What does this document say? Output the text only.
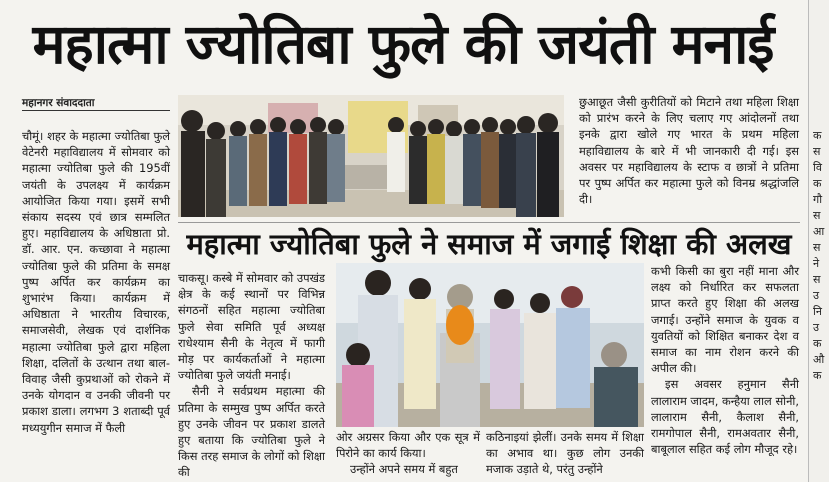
महात्मा ज्योतिबा फुले की जयंती मनाई
महानगर संवाददाता

चौमूं। शहर के महात्मा ज्योतिबा फुले वेटेनरी महाविद्यालय में सोमवार को महात्मा ज्योतिबा फुले की 195वीं जयंती के उपलक्ष्य में कार्यक्रम आयोजित किया गया। इसमें सभी संकाय सदस्य एवं छात्र सम्मलित हुए। महाविद्यालय के अधिष्ठाता प्रो. डॉ. आर. एन. कच्छावा ने महात्मा ज्योतिबा फुले की प्रतिमा के समक्ष पुष्प अर्पित कर कार्यक्रम का शुभारंभ किया। कार्यक्रम में अधिष्ठाता ने भारतीय विचारक, समाजसेवी, लेखक एवं दार्शनिक महात्मा ज्योतिबा फुले द्वारा महिला शिक्षा, दलितों के उत्थान तथा बाल-विवाह जैसी कुप्रथाओं को रोकने में उनके योगदान व उनकी जीवनी पर प्रकाश डाला। लगभग 3 शताब्दी पूर्व मध्ययुगीन समाज में फैली

छुआछूत जैसी कुरीतियों को मिटाने तथा महिला शिक्षा को प्रारंभ करने के लिए चलाए गए आंदोलनों तथा इनके द्वारा खोले गए भारत के प्रथम महिला महाविद्यालय के बारे में भी जानकारी दी गई। इस अवसर पर महाविद्यालय के स्टाफ व छात्रों ने प्रतिमा पर पुष्प अर्पित कर महात्मा फुले को विनम्र श्रद्धांजलि दी।

महात्मा ज्योतिबा फुले ने समाज में जगाई शिक्षा की अलख

चाकसू। कस्बे में सोमवार को उपखंड क्षेत्र के कई स्थानों पर विभिन्न संगठनों सहित महात्मा ज्योतिबा फुले सेवा समिति पूर्व अध्यक्ष राधेश्याम सैनी के नेतृत्व में फागी मोड़ पर कार्यकर्ताओं ने महात्मा ज्योतिबा फुले जयंती मनाई।

सैनी ने सर्वप्रथम महात्मा की प्रतिमा के सम्मुख पुष्प अर्पित करते हुए उनके जीवन पर प्रकाश डालते हुए बताया कि ज्योतिबा फुले ने किस तरह समाज के लोगों को शिक्षा की

ओर अग्रसर किया और एक सूत्र में पिरोने का कार्य किया।

उन्होंने अपने समय में बहुत

कठिनाइयां झेलीं। उनके समय में शिक्षा का अभाव था। कुछ लोग उनकी मजाक उड़ाते थे, परंतु उन्होंने

कभी किसी का बुरा नहीं माना और लक्ष्य को निर्धारित कर सफलता प्राप्त करते हुए शिक्षा की अलख जगाई। उन्होंने समाज के युवक व युवतियों को शिक्षित बनाकर देश व समाज का नाम रोशन करने की अपील की।

इस अवसर हनुमान सैनी लालाराम जादम, कन्हैया लाल सोनी, लालाराम सैनी, कैलाश सैनी, रामगोपाल सैनी, रामअवतार सैनी, बाबूलाल सहित कई लोग मौजूद रहे।

क
स
वि
क
गौ
स
आ
स
ने
स
उ
नि
उ
क
औ
क
